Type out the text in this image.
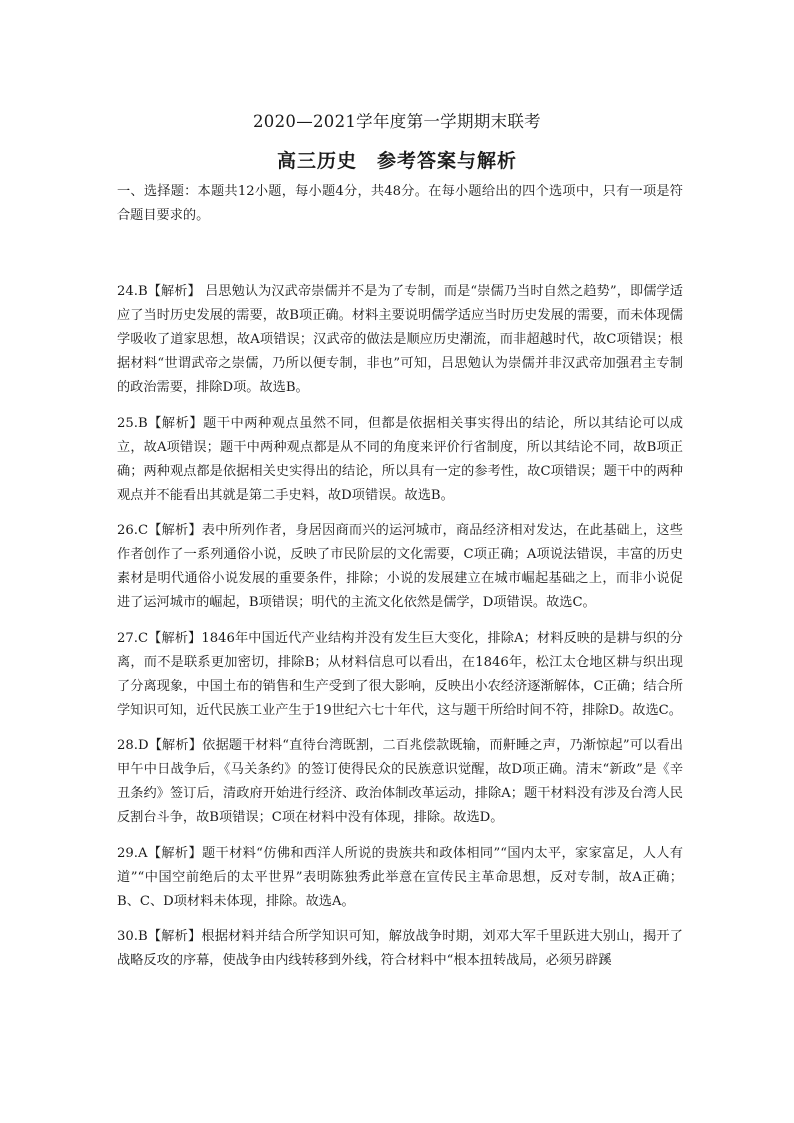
2020—2021学年度第一学期期末联考
高三历史　参考答案与解析
一、选择题：本题共12小题，每小题4分，共48分。在每小题给出的四个选项中，只有一项是符合题目要求的。

24.B【解析】 吕思勉认为汉武帝崇儒并不是为了专制，而是“崇儒乃当时自然之趋势”，即儒学适应了当时历史发展的需要，故B项正确。材料主要说明儒学适应当时历史发展的需要，而未体现儒学吸收了道家思想，故A项错误；汉武帝的做法是顺应历史潮流，而非超越时代，故C项错误；根据材料“世谓武帝之崇儒，乃所以便专制，非也”可知，吕思勉认为崇儒并非汉武帝加强君主专制的政治需要，排除D项。故选B。

25.B【解析】题干中两种观点虽然不同，但都是依据相关事实得出的结论，所以其结论可以成立，故A项错误；题干中两种观点都是从不同的角度来评价行省制度，所以其结论不同，故B项正确；两种观点都是依据相关史实得出的结论，所以具有一定的参考性，故C项错误；题干中的两种观点并不能看出其就是第二手史料，故D项错误。故选B。

26.C【解析】表中所列作者，身居因商而兴的运河城市，商品经济相对发达，在此基础上，这些作者创作了一系列通俗小说，反映了市民阶层的文化需要，C项正确；A项说法错误，丰富的历史素材是明代通俗小说发展的重要条件，排除；小说的发展建立在城市崛起基础之上，而非小说促进了运河城市的崛起，B项错误；明代的主流文化依然是儒学，D项错误。故选C。

27.C【解析】1846年中国近代产业结构并没有发生巨大变化，排除A；材料反映的是耕与织的分离，而不是联系更加密切，排除B；从材料信息可以看出，在1846年，松江太仓地区耕与织出现了分离现象，中国土布的销售和生产受到了很大影响，反映出小农经济逐渐解体，C正确；结合所学知识可知，近代民族工业产生于19世纪六七十年代，这与题干所给时间不符，排除D。故选C。

28.D【解析】依据题干材料“直待台湾既割，二百兆偿款既输，而鼾睡之声，乃渐惊起”可以看出甲午中日战争后，《马关条约》的签订使得民众的民族意识觉醒，故D项正确。清末“新政”是《辛丑条约》签订后，清政府开始进行经济、政治体制改革运动，排除A；题干材料没有涉及台湾人民反割台斗争，故B项错误；C项在材料中没有体现，排除。故选D。

29.A【解析】题干材料“仿佛和西洋人所说的贵族共和政体相同”“国内太平，家家富足，人人有道”“中国空前绝后的太平世界”表明陈独秀此举意在宣传民主革命思想，反对专制，故A正确； B、C、D项材料未体现，排除。故选A。

30.B【解析】根据材料并结合所学知识可知，解放战争时期，刘邓大军千里跃进大别山，揭开了战略反攻的序幕，使战争由内线转移到外线，符合材料中“根本扭转战局，必须另辟蹊
